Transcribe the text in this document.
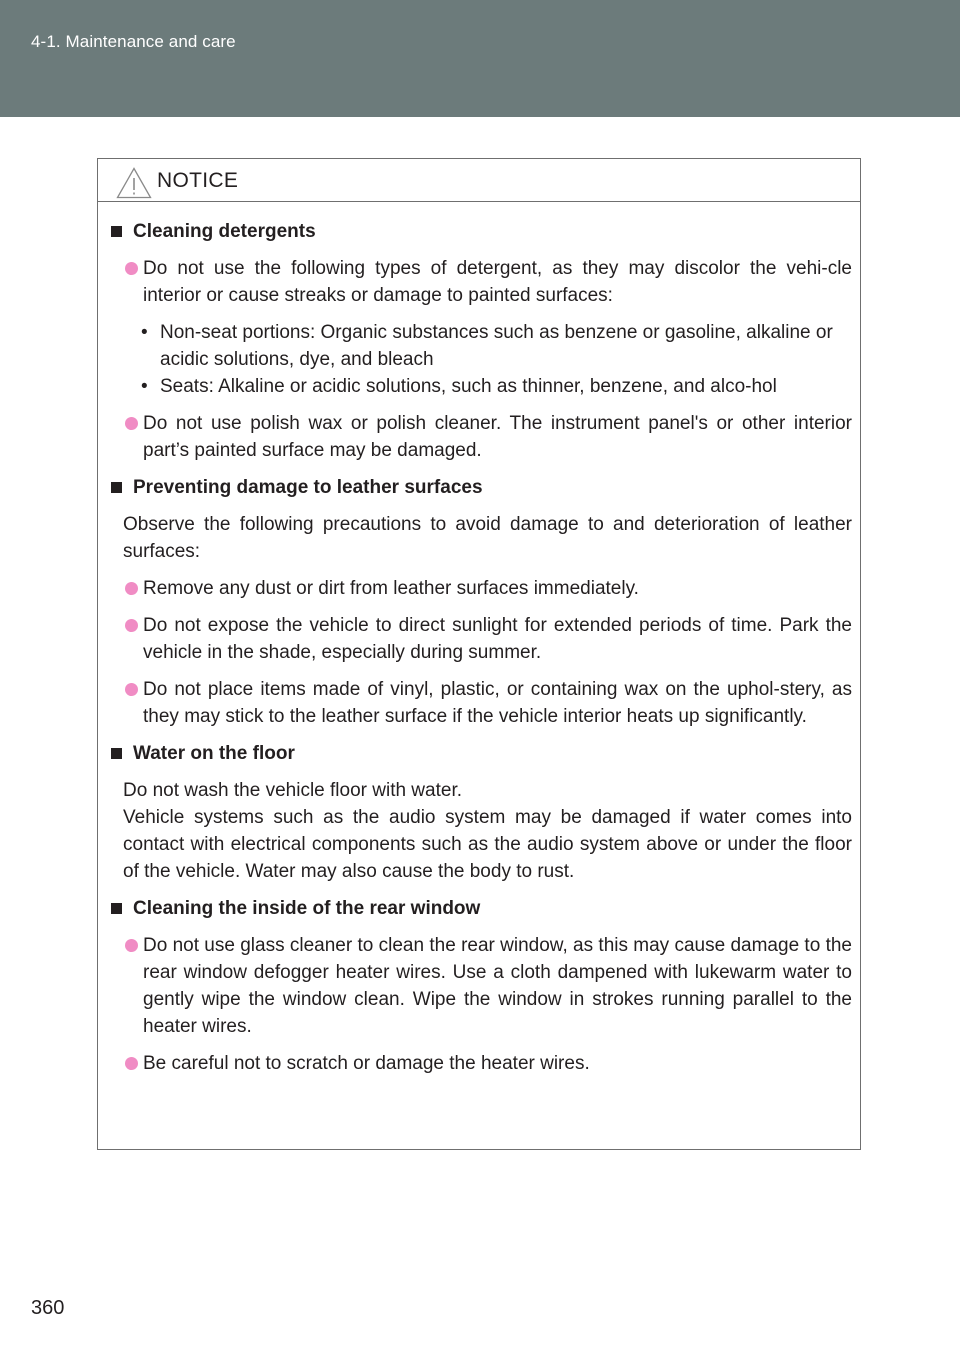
4-1. Maintenance and care
NOTICE
Cleaning detergents
Do not use the following types of detergent, as they may discolor the vehi-cle interior or cause streaks or damage to painted surfaces:
• Non-seat portions: Organic substances such as benzene or gasoline, alkaline or acidic solutions, dye, and bleach
• Seats: Alkaline or acidic solutions, such as thinner, benzene, and alco-hol
Do not use polish wax or polish cleaner. The instrument panel's or other interior part’s painted surface may be damaged.
Preventing damage to leather surfaces
Observe the following precautions to avoid damage to and deterioration of leather surfaces:
Remove any dust or dirt from leather surfaces immediately.
Do not expose the vehicle to direct sunlight for extended periods of time. Park the vehicle in the shade, especially during summer.
Do not place items made of vinyl, plastic, or containing wax on the uphol-stery, as they may stick to the leather surface if the vehicle interior heats up significantly.
Water on the floor
Do not wash the vehicle floor with water.
Vehicle systems such as the audio system may be damaged if water comes into contact with electrical components such as the audio system above or under the floor of the vehicle. Water may also cause the body to rust.
Cleaning the inside of the rear window
Do not use glass cleaner to clean the rear window, as this may cause damage to the rear window defogger heater wires. Use a cloth dampened with lukewarm water to gently wipe the window clean. Wipe the window in strokes running parallel to the heater wires.
Be careful not to scratch or damage the heater wires.
360
